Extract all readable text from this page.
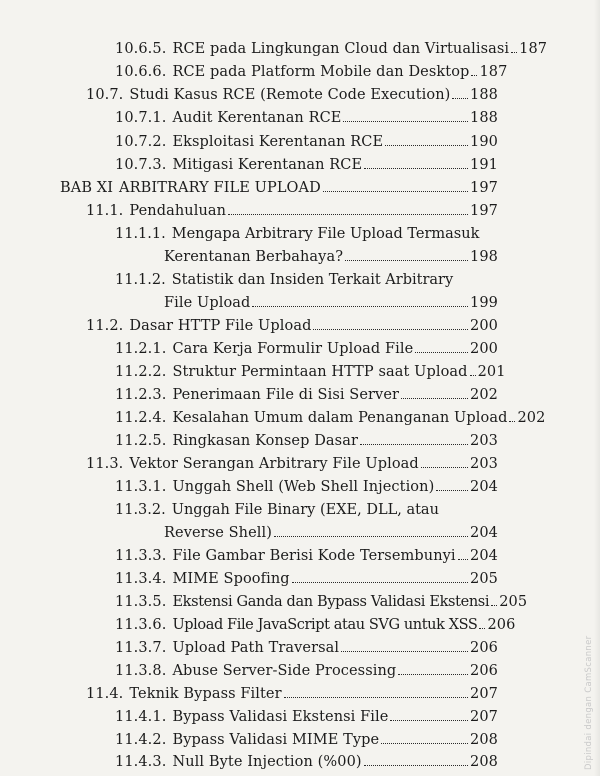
10.6.5. RCE pada Lingkungan Cloud dan Virtualisasi 187
10.6.6. RCE pada Platform Mobile dan Desktop 187
10.7. Studi Kasus RCE (Remote Code Execution) 188
10.7.1. Audit Kerentanan RCE	188
10.7.2. Eksploitasi Kerentanan RCE	190
10.7.3. Mitigasi Kerentanan RCE	191
BAB XI ARBITRARY FILE UPLOAD	197
11.1. Pendahuluan	197
11.1.1. Mengapa Arbitrary File Upload Termasuk
Kerentanan Berbahaya?	198
11.1.2. Statistik dan Insiden Terkait Arbitrary
File Upload	199
11.2. Dasar HTTP File Upload	200
11.2.1. Cara Kerja Formulir Upload File	200
11.2.2. Struktur Permintaan HTTP saat Upload 201
11.2.3. Penerimaan File di Sisi Server	202
11.2.4. Kesalahan Umum dalam Penanganan Upload 202
11.2.5. Ringkasan Konsep Dasar	203
11.3. Vektor Serangan Arbitrary File Upload	203
11.3.1. Unggah Shell (Web Shell Injection) 204
11.3.2. Unggah File Binary (EXE, DLL, atau
Reverse Shell)	204
11.3.3. File Gambar Berisi Kode Tersembunyi 204
11.3.4. MIME Spoofing	205
11.3.5. Ekstensi Ganda dan Bypass Validasi Ekstensi 205
11.3.6. Upload File JavaScript atau SVG untuk XSS 206
11.3.7. Upload Path Traversal	206
11.3.8. Abuse Server-Side Processing	206
11.4. Teknik Bypass Filter	207
11.4.1. Bypass Validasi Ekstensi File	207
11.4.2. Bypass Validasi MIME Type	208
11.4.3. Null Byte Injection (%00)	208	Dipindai dengan CamScanner
